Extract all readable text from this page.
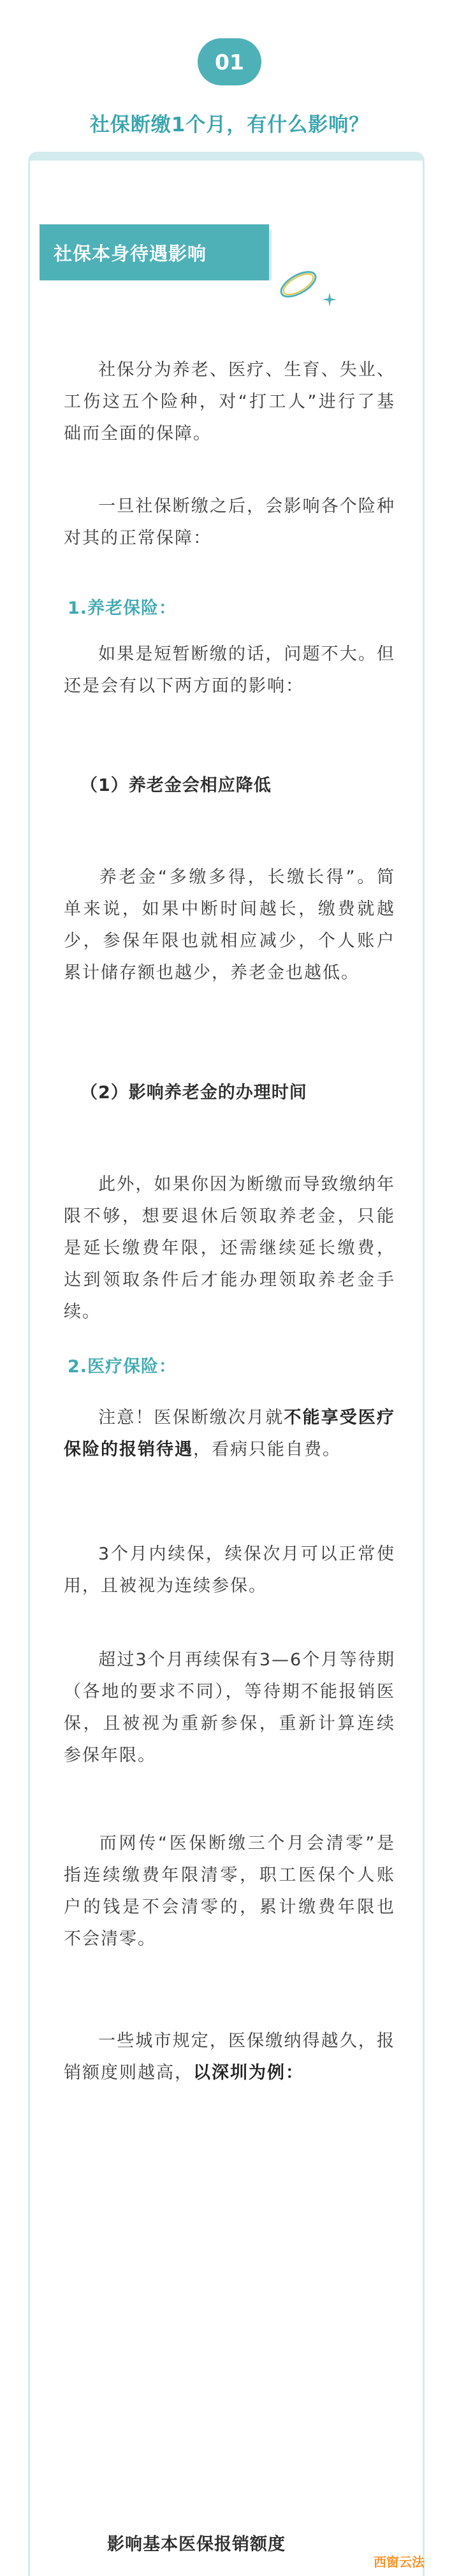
01
社保断缴1个月，有什么影响？
社保本身待遇影响
社保分为养老、医疗、生育、失业、工伤这五个险种，对“打工人”进行了基础而全面的保障。
一旦社保断缴之后，会影响各个险种对其的正常保障：
1.养老保险：
如果是短暂断缴的话，问题不大。但还是会有以下两方面的影响：
（1）养老金会相应降低
养老金“多缴多得，长缴长得”。简单来说，如果中断时间越长，缴费就越少，参保年限也就相应减少，个人账户累计储存额也越少，养老金也越低。
（2）影响养老金的办理时间
此外，如果你因为断缴而导致缴纳年限不够，想要退休后领取养老金，只能是延长缴费年限，还需继续延长缴费，达到领取条件后才能办理领取养老金手续。
2.医疗保险：
注意！医保断缴次月就不能享受医疗保险的报销待遇，看病只能自费。
3个月内续保，续保次月可以正常使用，且被视为连续参保。
超过3个月再续保有3—6个月等待期（各地的要求不同），等待期不能报销医保，且被视为重新参保，重新计算连续参保年限。
而网传“医保断缴三个月会清零”是指连续缴费年限清零，职工医保个人账户的钱是不会清零的，累计缴费年限也不会清零。
一些城市规定，医保缴纳得越久，报销额度则越高，以深圳为例：
影响基本医保报销额度
西窗云法
